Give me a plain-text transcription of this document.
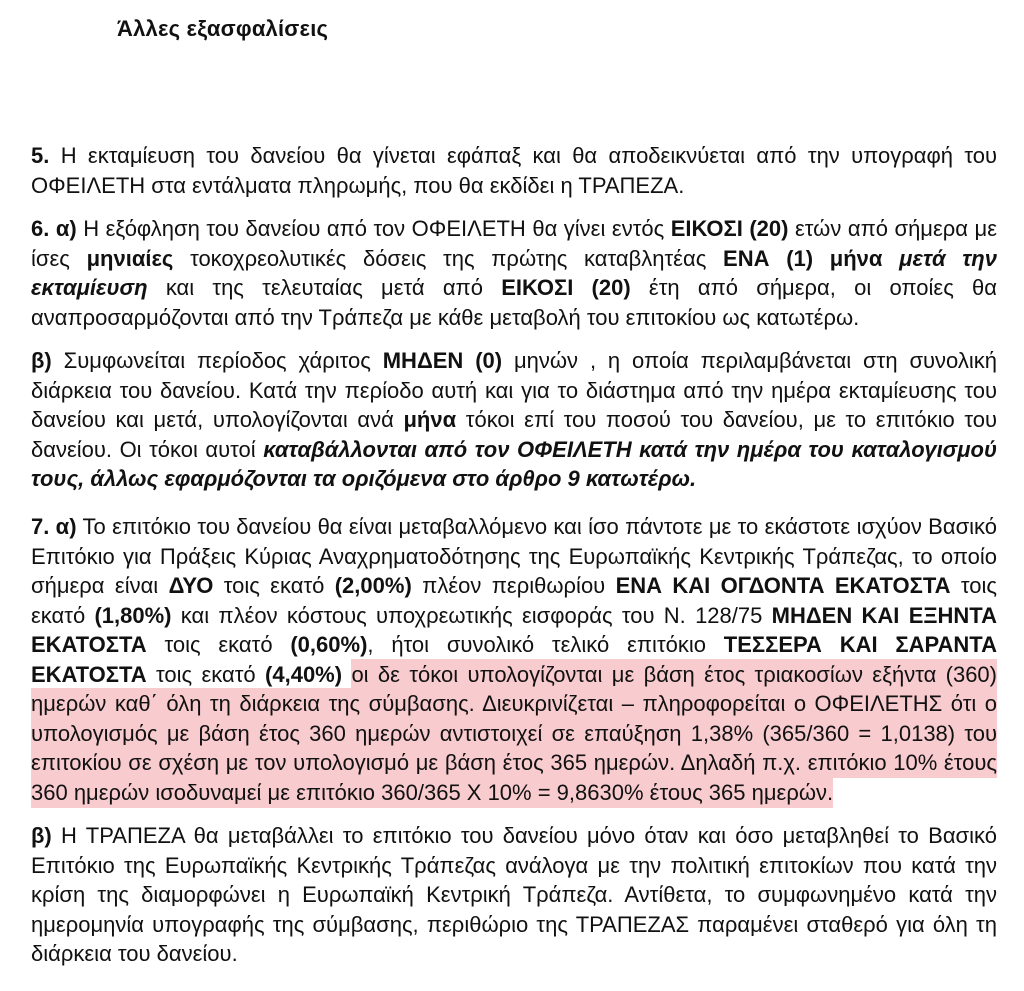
Άλλες εξασφαλίσεις
5. Η εκταμίευση του δανείου θα γίνεται εφάπαξ και θα αποδεικνύεται από την υπογραφή του ΟΦΕΙΛΕΤΗ στα εντάλματα πληρωμής, που θα εκδίδει η ΤΡΑΠΕΖΑ.
6. α) Η εξόφληση του δανείου από τον ΟΦΕΙΛΕΤΗ θα γίνει εντός ΕΙΚΟΣΙ (20) ετών από σήμερα με ίσες μηνιαίες τοκοχρεολυτικές δόσεις της πρώτης καταβλητέας ΕΝΑ (1) μήνα μετά την εκταμίευση και της τελευταίας μετά από ΕΙΚΟΣΙ (20) έτη από σήμερα, οι οποίες θα αναπροσαρμόζονται από την Τράπεζα με κάθε μεταβολή του επιτοκίου ως κατωτέρω.
β) Συμφωνείται περίοδος χάριτος ΜΗΔΕΝ (0) μηνών , η οποία περιλαμβάνεται στη συνολική διάρκεια του δανείου. Κατά την περίοδο αυτή και για το διάστημα από την ημέρα εκταμίευσης του δανείου και μετά, υπολογίζονται ανά μήνα τόκοι επί του ποσού του δανείου, με το επιτόκιο του δανείου. Οι τόκοι αυτοί καταβάλλονται από τον ΟΦΕΙΛΕΤΗ κατά την ημέρα του καταλογισμού τους, άλλως εφαρμόζονται τα οριζόμενα στο άρθρο 9 κατωτέρω.
7. α) Το επιτόκιο του δανείου θα είναι μεταβαλλόμενο και ίσο πάντοτε με το εκάστοτε ισχύον Βασικό Επιτόκιο για Πράξεις Κύριας Αναχρηματοδότησης της Ευρωπαϊκής Κεντρικής Τράπεζας, το οποίο σήμερα είναι ΔΥΟ τοις εκατό (2,00%) πλέον περιθωρίου ΕΝΑ ΚΑΙ ΟΓΔΟΝΤΑ ΕΚΑΤΟΣΤΑ τοις εκατό (1,80%) και πλέον κόστους υποχρεωτικής εισφοράς του Ν. 128/75 ΜΗΔΕΝ ΚΑΙ ΕΞΗΝΤΑ ΕΚΑΤΟΣΤΑ τοις εκατό (0,60%), ήτοι συνολικό τελικό επιτόκιο ΤΕΣΣΕΡΑ ΚΑΙ ΣΑΡΑΝΤΑ ΕΚΑΤΟΣΤΑ τοις εκατό (4,40%) οι δε τόκοι υπολογίζονται με βάση έτος τριακοσίων εξήντα (360) ημερών καθ΄ όλη τη διάρκεια της σύμβασης. Διευκρινίζεται – πληροφορείται ο ΟΦΕΙΛΕΤΗΣ ότι ο υπολογισμός με βάση έτος 360 ημερών αντιστοιχεί σε επαύξηση 1,38% (365/360 = 1,0138) του επιτοκίου σε σχέση με τον υπολογισμό με βάση έτος 365 ημερών. Δηλαδή π.χ. επιτόκιο 10% έτους 360 ημερών ισοδυναμεί με επιτόκιο 360/365 Χ 10% = 9,8630% έτους 365 ημερών.
β) Η ΤΡΑΠΕΖΑ θα μεταβάλλει το επιτόκιο του δανείου μόνο όταν και όσο μεταβληθεί το Βασικό Επιτόκιο της Ευρωπαϊκής Κεντρικής Τράπεζας ανάλογα με την πολιτική επιτοκίων που κατά την κρίση της διαμορφώνει η Ευρωπαϊκή Κεντρική Τράπεζα. Αντίθετα, το συμφωνημένο κατά την ημερομηνία υπογραφής της σύμβασης, περιθώριο της ΤΡΑΠΕΖΑΣ παραμένει σταθερό για όλη τη διάρκεια του δανείου.
